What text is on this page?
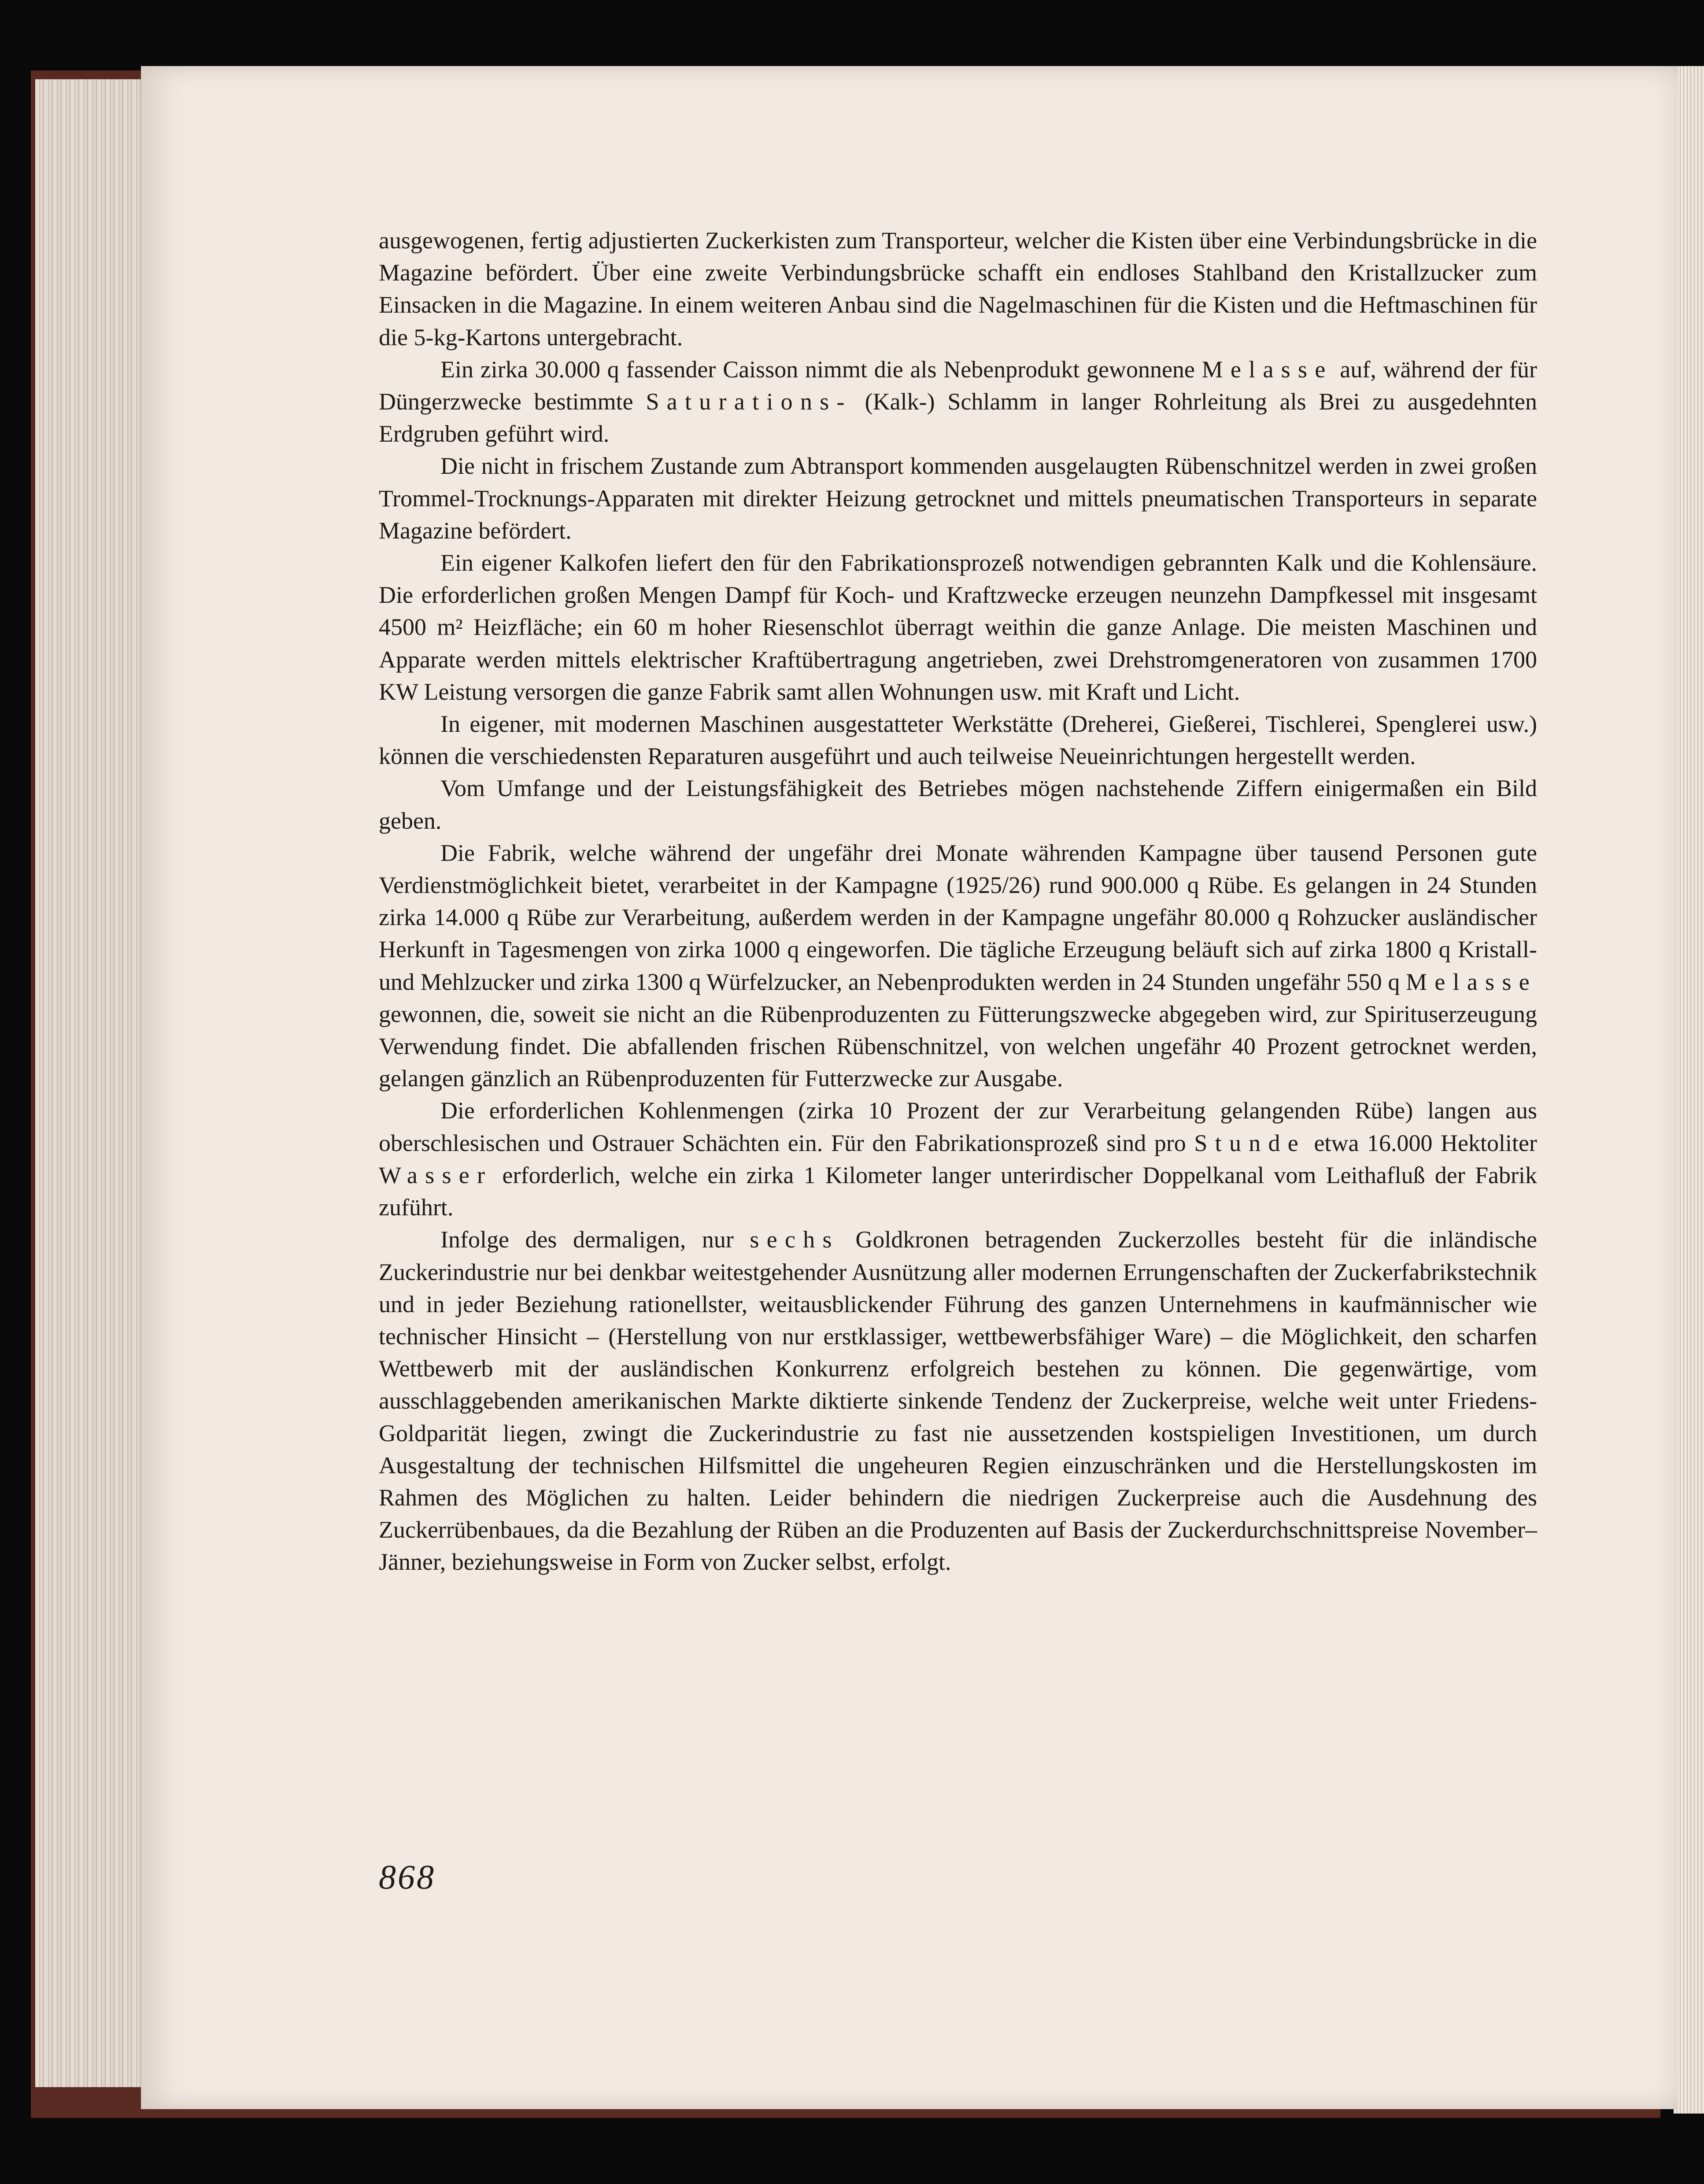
ausgewogenen, fertig adjustierten Zuckerkisten zum Transporteur, welcher die Kisten über eine Verbindungsbrücke in die Magazine befördert. Über eine zweite Verbindungsbrücke schafft ein endloses Stahlband den Kristallzucker zum Einsacken in die Magazine. In einem weiteren Anbau sind die Nagelmaschinen für die Kisten und die Heftmaschinen für die 5-kg-Kartons untergebracht.

Ein zirka 30.000 q fassender Caisson nimmt die als Nebenprodukt gewonnene Melasse auf, während der für Düngerzwecke bestimmte Saturations- (Kalk-) Schlamm in langer Rohrleitung als Brei zu ausgedehnten Erdgruben geführt wird.

Die nicht in frischem Zustande zum Abtransport kommenden ausgelaugten Rübenschnitzel werden in zwei großen Trommel-Trocknungs-Apparaten mit direkter Heizung getrocknet und mittels pneumatischen Transporteurs in separate Magazine befördert.

Ein eigener Kalkofen liefert den für den Fabrikationsprozeß notwendigen gebrannten Kalk und die Kohlensäure. Die erforderlichen großen Mengen Dampf für Koch- und Kraftzwecke erzeugen neunzehn Dampfkessel mit insgesamt 4500 m² Heizfläche; ein 60 m hoher Riesenschlot überragt weithin die ganze Anlage. Die meisten Maschinen und Apparate werden mittels elektrischer Kraftübertragung angetrieben, zwei Drehstromgeneratoren von zusammen 1700 KW Leistung versorgen die ganze Fabrik samt allen Wohnungen usw. mit Kraft und Licht.

In eigener, mit modernen Maschinen ausgestatteter Werkstätte (Dreherei, Gießerei, Tischlerei, Spenglerei usw.) können die verschiedensten Reparaturen ausgeführt und auch teilweise Neueinrichtungen hergestellt werden.

Vom Umfange und der Leistungsfähigkeit des Betriebes mögen nachstehende Ziffern einigermaßen ein Bild geben.

Die Fabrik, welche während der ungefähr drei Monate währenden Kampagne über tausend Personen gute Verdienstmöglichkeit bietet, verarbeitet in der Kampagne (1925/26) rund 900.000 q Rübe. Es gelangen in 24 Stunden zirka 14.000 q Rübe zur Verarbeitung, außerdem werden in der Kampagne ungefähr 80.000 q Rohzucker ausländischer Herkunft in Tagesmengen von zirka 1000 q eingeworfen. Die tägliche Erzeugung beläuft sich auf zirka 1800 q Kristall- und Mehlzucker und zirka 1300 q Würfelzucker, an Nebenprodukten werden in 24 Stunden ungefähr 550 q Melasse gewonnen, die, soweit sie nicht an die Rübenproduzenten zu Fütterungszwecke abgegeben wird, zur Spirituserzeugung Verwendung findet. Die abfallenden frischen Rübenschnitzel, von welchen ungefähr 40 Prozent getrocknet werden, gelangen gänzlich an Rübenproduzenten für Futterzwecke zur Ausgabe.

Die erforderlichen Kohlenmengen (zirka 10 Prozent der zur Verarbeitung gelangenden Rübe) langen aus oberschlesischen und Ostrauer Schächten ein. Für den Fabrikationsprozeß sind pro Stunde etwa 16.000 Hektoliter Wasser erforderlich, welche ein zirka 1 Kilometer langer unterirdischer Doppelkanal vom Leithafluß der Fabrik zuführt.

Infolge des dermaligen, nur sechs Goldkronen betragenden Zuckerzolles besteht für die inländische Zuckerindustrie nur bei denkbar weitestgehender Ausnützung aller modernen Errungenschaften der Zuckerfabrikstechnik und in jeder Beziehung rationellster, weitausblickender Führung des ganzen Unternehmens in kaufmännischer wie technischer Hinsicht – (Herstellung von nur erstklassiger, wettbewerbsfähiger Ware) – die Möglichkeit, den scharfen Wettbewerb mit der ausländischen Konkurrenz erfolgreich bestehen zu können. Die gegenwärtige, vom ausschlaggebenden amerikanischen Markte diktierte sinkende Tendenz der Zuckerpreise, welche weit unter Friedens-Goldparität liegen, zwingt die Zuckerindustrie zu fast nie aussetzenden kostspieligen Investitionen, um durch Ausgestaltung der technischen Hilfsmittel die ungeheuren Regien einzuschränken und die Herstellungskosten im Rahmen des Möglichen zu halten. Leider behindern die niedrigen Zuckerpreise auch die Ausdehnung des Zuckerrübenbaues, da die Bezahlung der Rüben an die Produzenten auf Basis der Zuckerdurchschnittspreise November–Jänner, beziehungsweise in Form von Zucker selbst, erfolgt.

868
